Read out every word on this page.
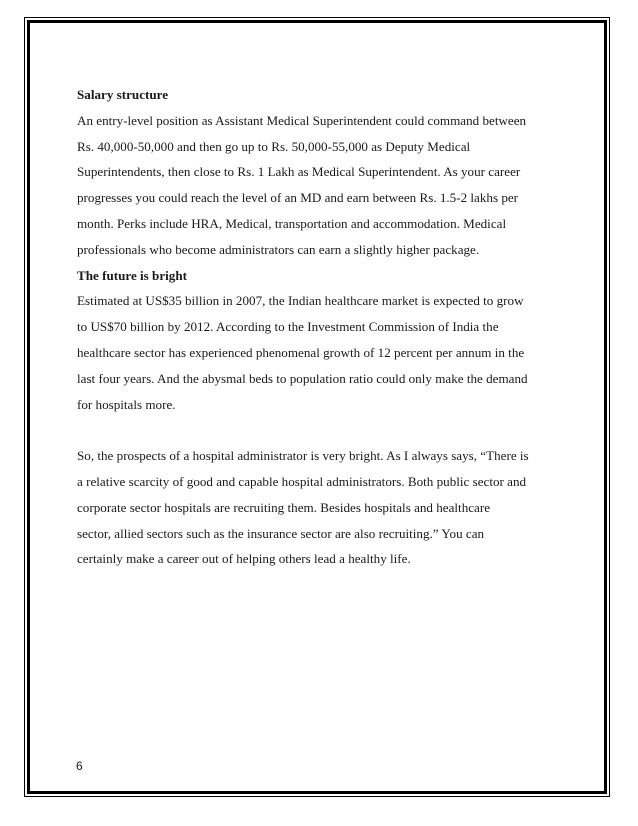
Salary structure
An entry-level position as Assistant Medical Superintendent could command between
Rs. 40,000-50,000 and then go up to Rs. 50,000-55,000 as Deputy Medical
Superintendents, then close to Rs. 1 Lakh as Medical Superintendent. As your career
progresses you could reach the level of an MD and earn between Rs. 1.5-2 lakhs per
month. Perks include HRA, Medical, transportation and accommodation. Medical
professionals who become administrators can earn a slightly higher package.
The future is bright
Estimated at US$35 billion in 2007, the Indian healthcare market is expected to grow
to US$70 billion by 2012. According to the Investment Commission of India the
healthcare sector has experienced phenomenal growth of 12 percent per annum in the
last four years. And the abysmal beds to population ratio could only make the demand
for hospitals more.
So, the prospects of a hospital administrator is very bright. As I always says, “There is
a relative scarcity of good and capable hospital administrators. Both public sector and
corporate sector hospitals are recruiting them. Besides hospitals and healthcare
sector, allied sectors such as the insurance sector are also recruiting.” You can
certainly make a career out of helping others lead a healthy life.
6
